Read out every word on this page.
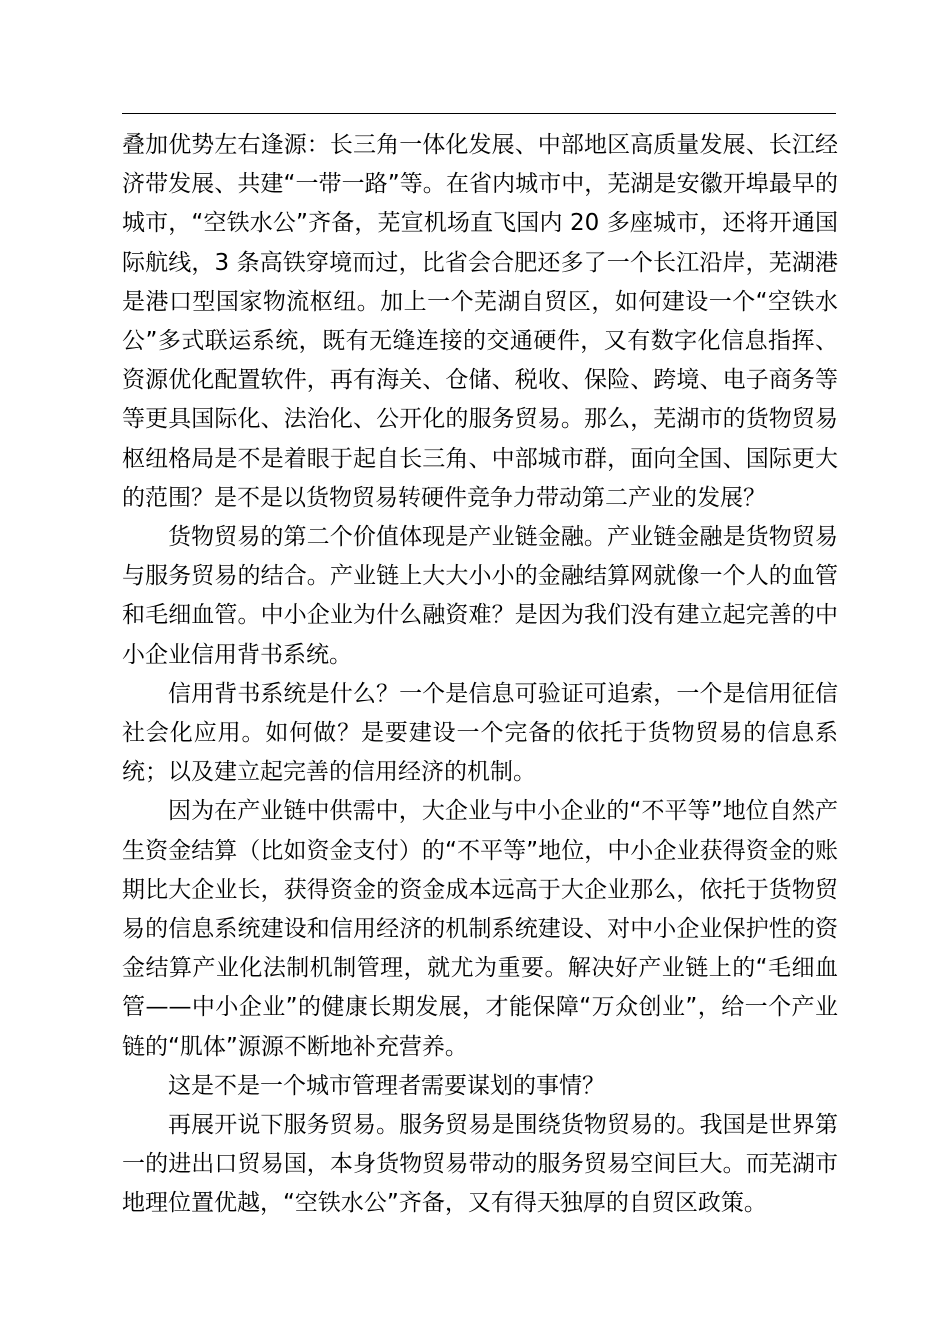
叠加优势左右逢源：长三角一体化发展、中部地区高质量发展、长江经济带发展、共建“一带一路”等。在省内城市中，芜湖是安徽开埠最早的城市，“空铁水公”齐备，芜宣机场直飞国内 20 多座城市，还将开通国际航线，3 条高铁穿境而过，比省会合肥还多了一个长江沿岸，芜湖港是港口型国家物流枢纽。加上一个芜湖自贸区，如何建设一个“空铁水公”多式联运系统，既有无缝连接的交通硬件，又有数字化信息指挥、资源优化配置软件，再有海关、仓储、税收、保险、跨境、电子商务等等更具国际化、法治化、公开化的服务贸易。那么，芜湖市的货物贸易枢纽格局是不是着眼于起自长三角、中部城市群，面向全国、国际更大的范围？是不是以货物贸易转硬件竞争力带动第二产业的发展？

货物贸易的第二个价值体现是产业链金融。产业链金融是货物贸易与服务贸易的结合。产业链上大大小小的金融结算网就像一个人的血管和毛细血管。中小企业为什么融资难？是因为我们没有建立起完善的中小企业信用背书系统。

信用背书系统是什么？一个是信息可验证可追索，一个是信用征信社会化应用。如何做？是要建设一个完备的依托于货物贸易的信息系统；以及建立起完善的信用经济的机制。

因为在产业链中供需中，大企业与中小企业的“不平等”地位自然产生资金结算（比如资金支付）的“不平等”地位，中小企业获得资金的账期比大企业长，获得资金的资金成本远高于大企业那么，依托于货物贸易的信息系统建设和信用经济的机制系统建设、对中小企业保护性的资金结算产业化法制机制管理，就尤为重要。解决好产业链上的“毛细血管——中小企业”的健康长期发展，才能保障“万众创业”，给一个产业链的“肌体”源源不断地补充营养。

这是不是一个城市管理者需要谋划的事情？

再展开说下服务贸易。服务贸易是围绕货物贸易的。我国是世界第一的进出口贸易国，本身货物贸易带动的服务贸易空间巨大。而芜湖市地理位置优越，“空铁水公”齐备，又有得天独厚的自贸区政策。
